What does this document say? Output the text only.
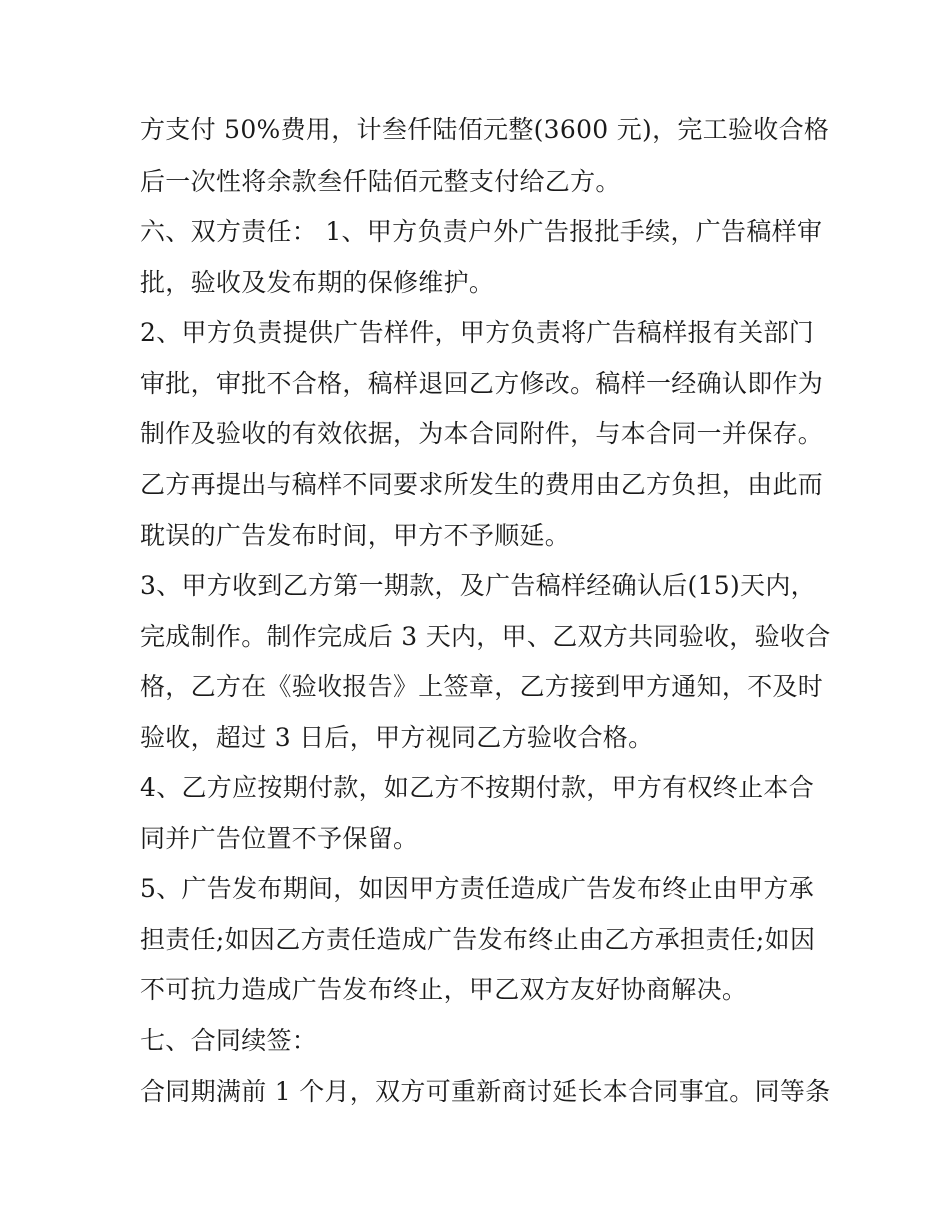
方支付 50%费用，计叁仟陆佰元整(3600 元)，完工验收合格
后一次性将余款叁仟陆佰元整支付给乙方。
六、双方责任： 1、甲方负责户外广告报批手续，广告稿样审
批，验收及发布期的保修维护。
2、甲方负责提供广告样件，甲方负责将广告稿样报有关部门
审批，审批不合格，稿样退回乙方修改。稿样一经确认即作为
制作及验收的有效依据，为本合同附件，与本合同一并保存。
乙方再提出与稿样不同要求所发生的费用由乙方负担，由此而
耽误的广告发布时间，甲方不予顺延。
3、甲方收到乙方第一期款，及广告稿样经确认后(15)天内，
完成制作。制作完成后 3 天内，甲、乙双方共同验收，验收合
格，乙方在《验收报告》上签章，乙方接到甲方通知，不及时
验收，超过 3 日后，甲方视同乙方验收合格。
4、乙方应按期付款，如乙方不按期付款，甲方有权终止本合
同并广告位置不予保留。
5、广告发布期间，如因甲方责任造成广告发布终止由甲方承
担责任;如因乙方责任造成广告发布终止由乙方承担责任;如因
不可抗力造成广告发布终止，甲乙双方友好协商解决。
七、合同续签：
合同期满前 1 个月，双方可重新商讨延长本合同事宜。同等条
